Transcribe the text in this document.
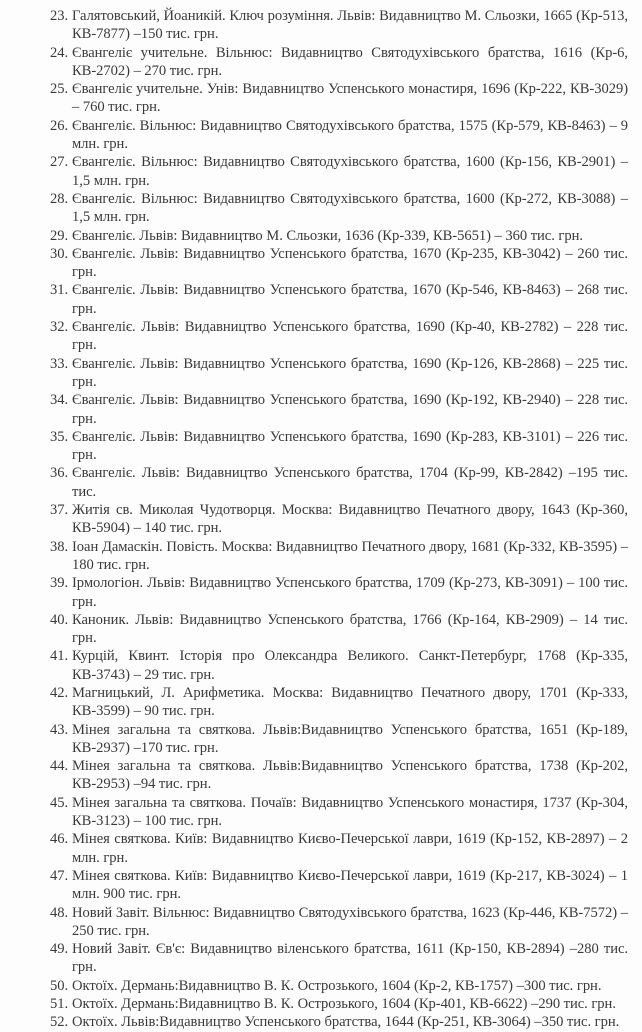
23. Галятовський, Йоаникій. Ключ розуміння. Львів: Видавництво М. Сльозки, 1665 (Кр-513, КВ-7877) –150 тис. грн.
24. Євангеліє учительне. Вільнюс: Видавництво Святодухівського братства, 1616 (Кр-6, КВ-2702) – 270 тис. грн.
25. Євангеліє учительне. Унів: Видавництво Успенського монастиря, 1696 (Кр-222, КВ-3029) – 760 тис. грн.
26. Євангеліє. Вільнюс: Видавництво Святодухівського братства, 1575 (Кр-579, КВ-8463) – 9 млн. грн.
27. Євангеліє. Вільнюс: Видавництво Святодухівського братства, 1600 (Кр-156, КВ-2901) – 1,5 млн. грн.
28. Євангеліє. Вільнюс: Видавництво Святодухівського братства, 1600 (Кр-272, КВ-3088) – 1,5 млн. грн.
29. Євангеліє. Львів: Видавництво М. Сльозки, 1636 (Кр-339, КВ-5651) – 360 тис. грн.
30. Євангеліє. Львів: Видавництво Успенського братства, 1670 (Кр-235, КВ-3042) – 260 тис. грн.
31. Євангеліє. Львів: Видавництво Успенського братства, 1670 (Кр-546, КВ-8463) – 268 тис. грн.
32. Євангеліє. Львів: Видавництво Успенського братства, 1690 (Кр-40, КВ-2782) – 228 тис. грн.
33. Євангеліє. Львів: Видавництво Успенського братства, 1690 (Кр-126, КВ-2868) – 225 тис. грн.
34. Євангеліє. Львів: Видавництво Успенського братства, 1690 (Кр-192, КВ-2940) – 228 тис. грн.
35. Євангеліє. Львів: Видавництво Успенського братства, 1690 (Кр-283, КВ-3101) – 226 тис. грн.
36. Євангеліє. Львів: Видавництво Успенського братства, 1704 (Кр-99, КВ-2842) –195 тис. тис.
37. Житія св. Миколая Чудотворця. Москва: Видавництво Печатного двору, 1643 (Кр-360, КВ-5904) – 140 тис. грн.
38. Іоан Дамаскін. Повість. Москва: Видавництво Печатного двору, 1681 (Кр-332, КВ-3595) – 180 тис. грн.
39. Ірмологіон. Львів: Видавництво Успенського братства, 1709 (Кр-273, КВ-3091) – 100 тис. грн.
40. Каноник. Львів: Видавництво Успенського братства, 1766 (Кр-164, КВ-2909) – 14 тис. грн.
41. Курцій, Квинт. Історія про Олександра Великого. Санкт-Петербург, 1768 (Кр-335, КВ-3743) – 29 тис. грн.
42. Магницький, Л. Арифметика. Москва: Видавництво Печатного двору, 1701 (Кр-333, КВ-3599) – 90 тис. грн.
43. Мінея загальна та святкова. Львів:Видавництво Успенського братства, 1651 (Кр-189, КВ-2937) –170 тис. грн.
44. Мінея загальна та святкова. Львів:Видавництво Успенського братства, 1738 (Кр-202, КВ-2953) –94 тис. грн.
45. Мінея загальна та святкова. Почаїв: Видавництво Успенського монастиря, 1737 (Кр-304, КВ-3123) – 100 тис. грн.
46. Мінея святкова. Київ: Видавництво Києво-Печерської лаври, 1619 (Кр-152, КВ-2897) – 2 млн. грн.
47. Мінея святкова. Київ: Видавництво Києво-Печерської лаври, 1619 (Кр-217, КВ-3024) – 1 млн. 900 тис. грн.
48. Новий Завіт. Вільнюс: Видавництво Святодухівського братства, 1623 (Кр-446, КВ-7572) –250 тис. грн.
49. Новий Завіт. Єв'є: Видавництво віленського братства, 1611 (Кр-150, КВ-2894) –280 тис. грн.
50. Октоїх. Дермань:Видавництво В. К. Острозького, 1604 (Кр-2, КВ-1757) –300 тис. грн.
51. Октоїх. Дермань:Видавництво В. К. Острозького, 1604 (Кр-401, КВ-6622) –290 тис. грн.
52. Октоїх. Львів:Видавництво Успенського братства, 1644 (Кр-251, КВ-3064) –350 тис. грн.
